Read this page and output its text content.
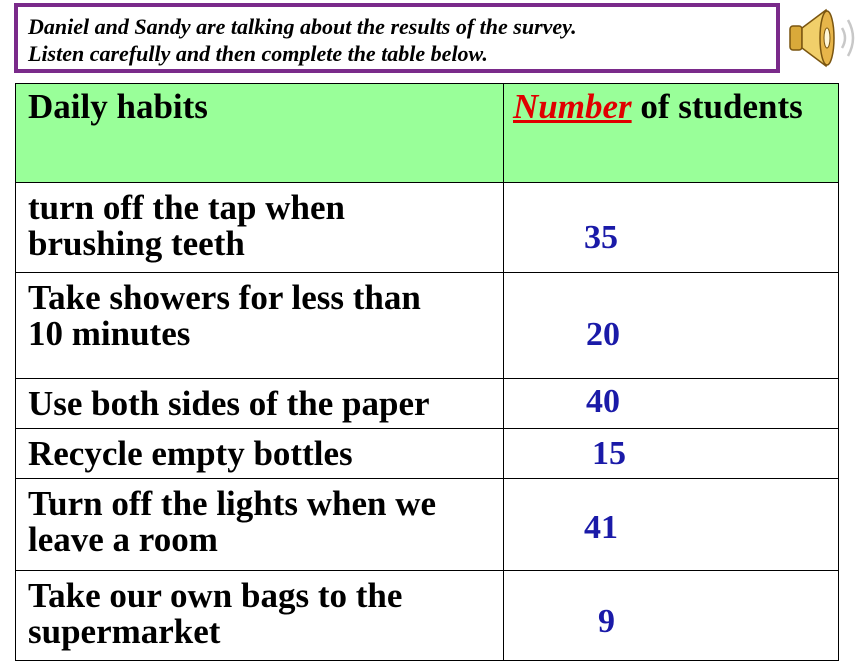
Daniel and Sandy are talking about the results of the survey.
Listen carefully and then complete the table below.
Daily habits	Number of students

turn off the tap when
brushing teeth	35

Take showers for less than
10 minutes	20

Use both sides of the paper	40

Recycle empty bottles	15

Turn off the lights when we
leave a room	41

Take our own bags to the
supermarket	9
